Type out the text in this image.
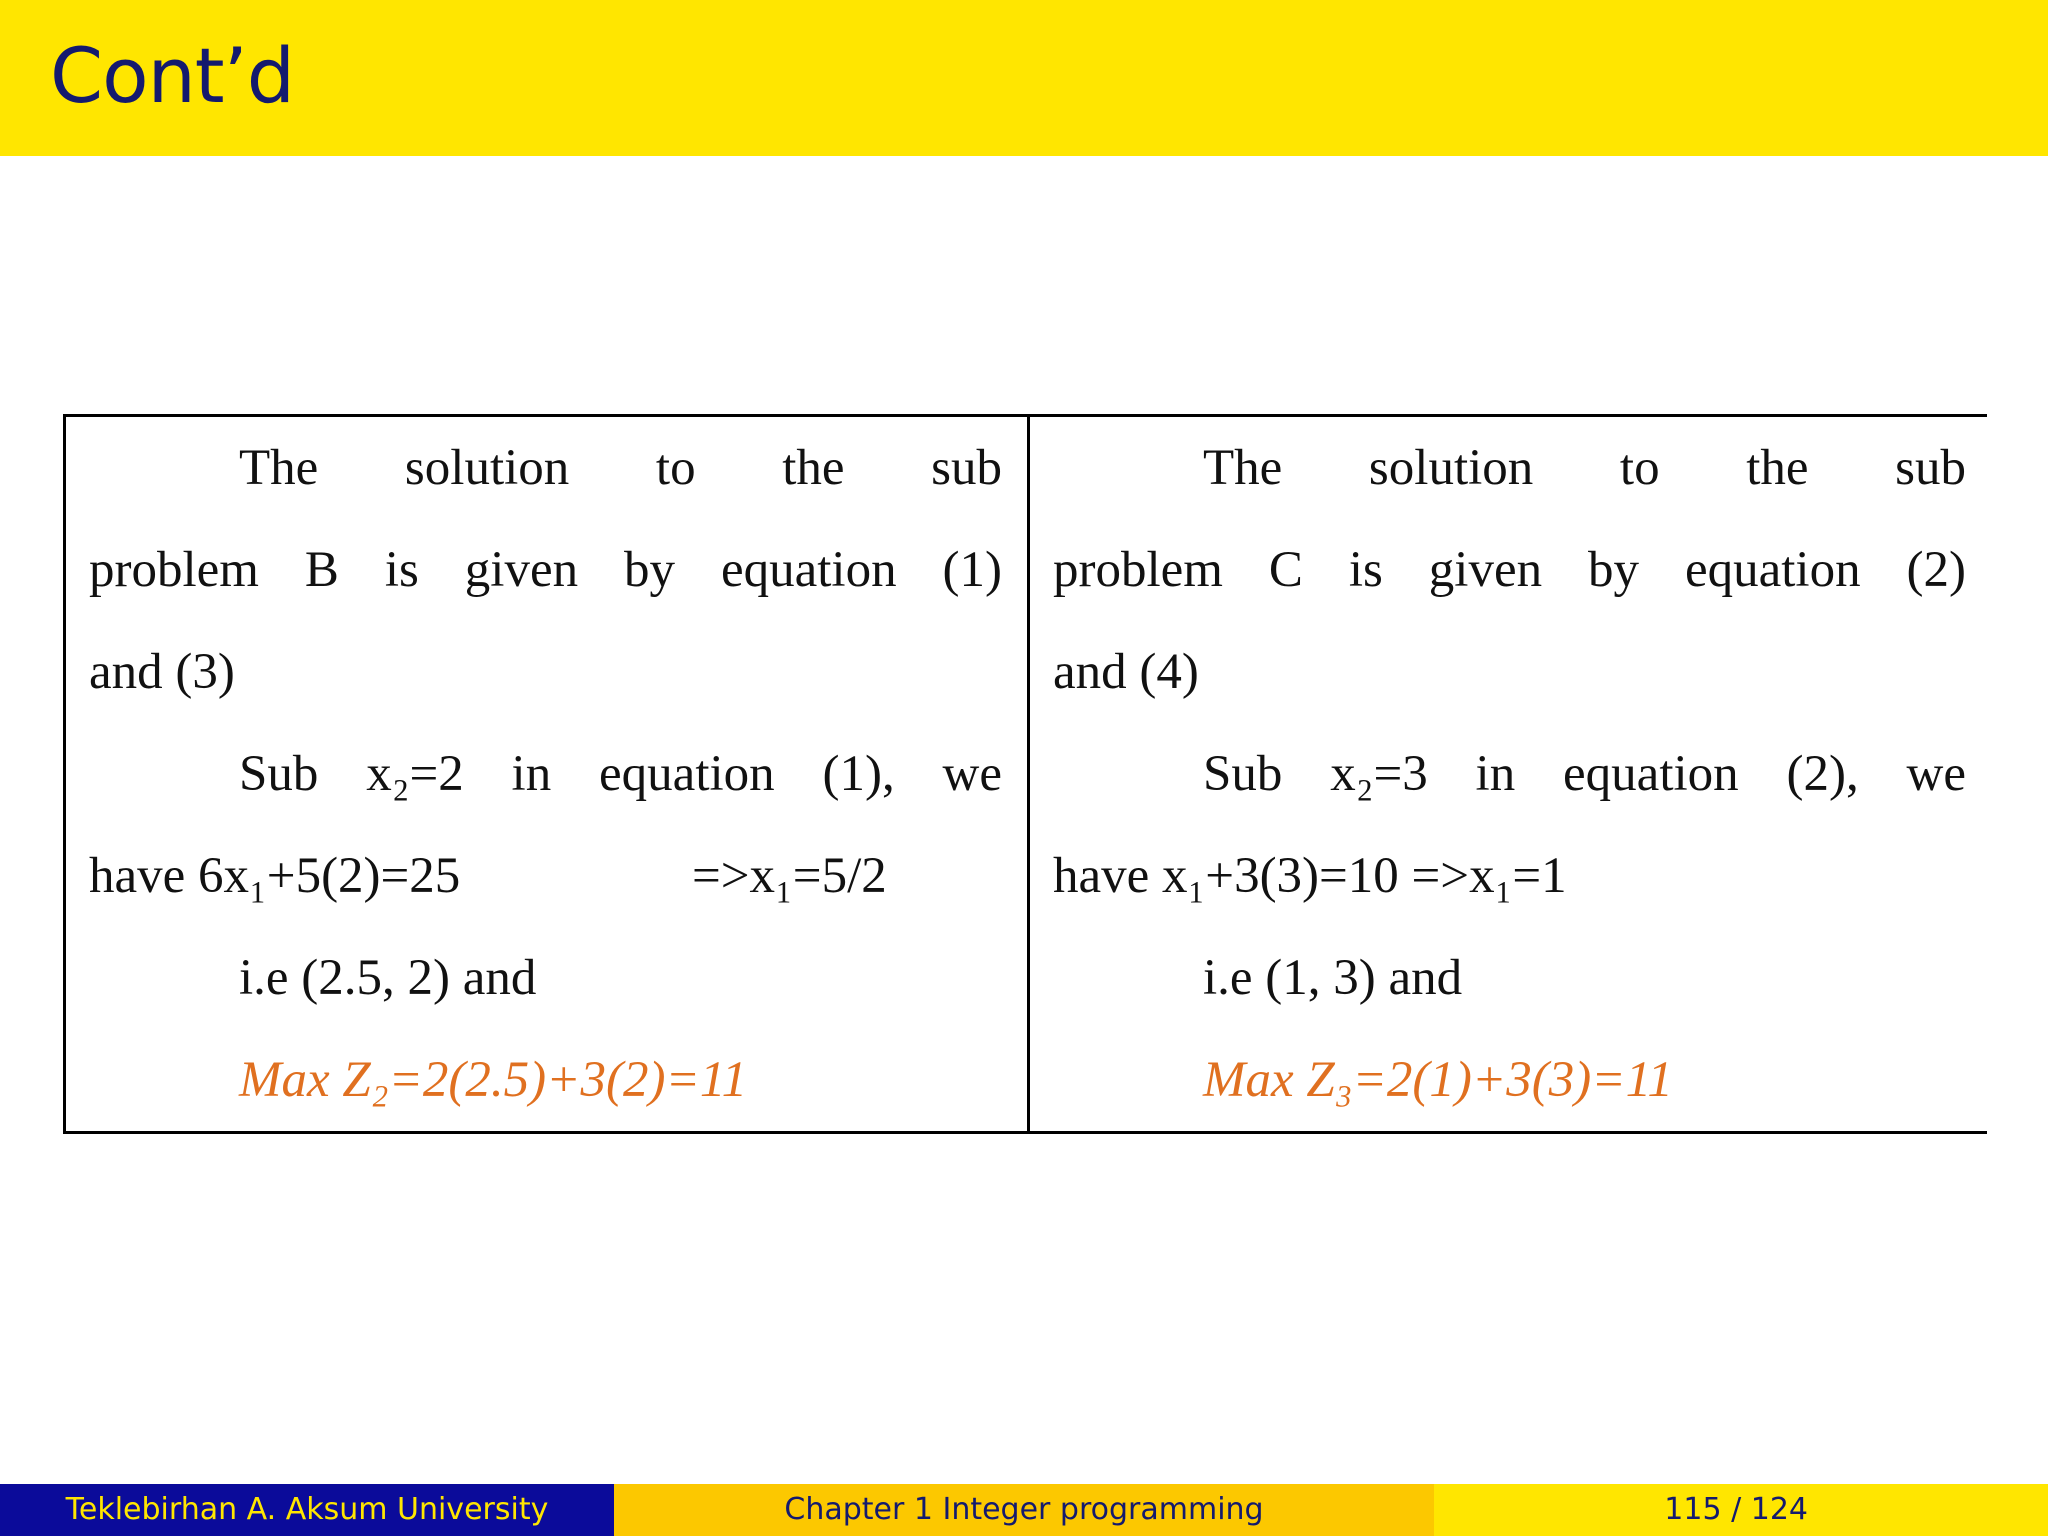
Cont’d
The solution to the sub
problem B is given by equation (1)
and (3)
Sub x₂=2 in equation (1), we
have 6x₁+5(2)=25	=>x₁=5/2
i.e (2.5, 2) and
Max Z₂=2(2.5)+3(2)=11
The solution to the sub
problem C is given by equation (2)
and (4)
Sub x₂=3 in equation (2), we
have x₁+3(3)=10 =>x₁=1
i.e (1, 3) and
Max Z₃=2(1)+3(3)=11
Teklebirhan A. Aksum University	Chapter 1 Integer programming	115 / 124
